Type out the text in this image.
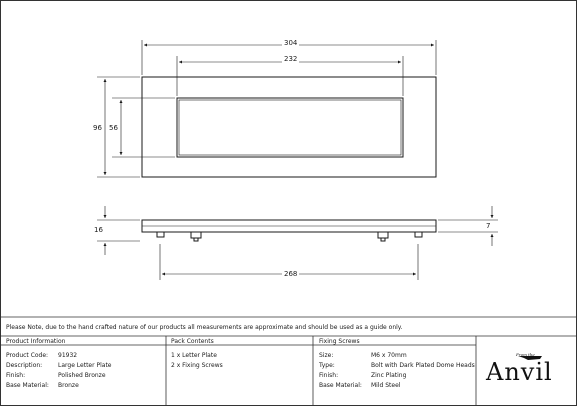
304
232
96 56
16	7
268
Please Note, due to the hand crafted nature of our products all measurements are approximate and should be used as a guide only.
Product Information
Product Code: 91932
Description:	Large Letter Plate
Finish:	Polished Bronze
Base Material: Bronze
Pack Contents
1 x Letter Plate
2 x Fixing Screws
Fixing Screws
Size:	M6 x 70mm
Type:	Bolt with Dark Plated Dome Heads
Finish:	Zinc Plating
Base Material: Mild Steel
From the
Anvil
